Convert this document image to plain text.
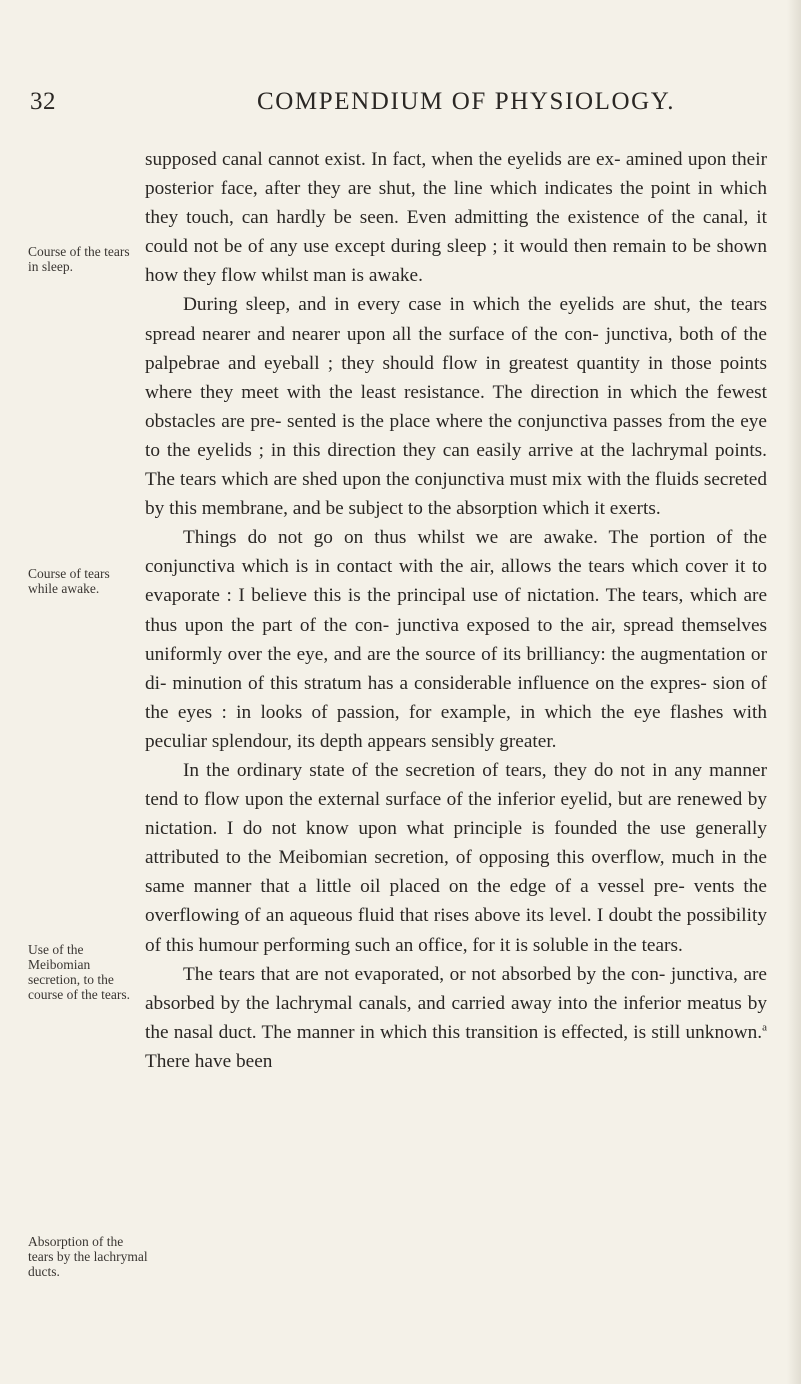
32	COMPENDIUM OF PHYSIOLOGY.
Course of the tears in sleep.
Course of tears while awake.
Use of the Meibomian secretion, to the course of the tears.
Absorption of the tears by the lachrymal ducts.

supposed canal cannot exist. In fact, when the eyelids are ex- amined upon their posterior face, after they are shut, the line which indicates the point in which they touch, can hardly be seen. Even admitting the existence of the canal, it could not be of any use except during sleep ; it would then remain to be shown how they flow whilst man is awake.

During sleep, and in every case in which the eyelids are shut, the tears spread nearer and nearer upon all the surface of the con- junctiva, both of the palpebrae and eyeball ; they should flow in greatest quantity in those points where they meet with the least resistance. The direction in which the fewest obstacles are pre- sented is the place where the conjunctiva passes from the eye to the eyelids ; in this direction they can easily arrive at the lachrymal points. The tears which are shed upon the conjunctiva must mix with the fluids secreted by this membrane, and be subject to the absorption which it exerts.

Things do not go on thus whilst we are awake. The portion of the conjunctiva which is in contact with the air, allows the tears which cover it to evaporate : I believe this is the principal use of nictation. The tears, which are thus upon the part of the con- junctiva exposed to the air, spread themselves uniformly over the eye, and are the source of its brilliancy: the augmentation or di- minution of this stratum has a considerable influence on the expres- sion of the eyes : in looks of passion, for example, in which the eye flashes with peculiar splendour, its depth appears sensibly greater.

In the ordinary state of the secretion of tears, they do not in any manner tend to flow upon the external surface of the inferior eyelid, but are renewed by nictation. I do not know upon what principle is founded the use generally attributed to the Meibomian secretion, of opposing this overflow, much in the same manner that a little oil placed on the edge of a vessel pre- vents the overflowing of an aqueous fluid that rises above its level. I doubt the possibility of this humour performing such an office, for it is soluble in the tears.

The tears that are not evaporated, or not absorbed by the con- junctiva, are absorbed by the lachrymal canals, and carried away into the inferior meatus by the nasal duct. The manner in which this transition is effected, is still unknown.$^a$ There have been
